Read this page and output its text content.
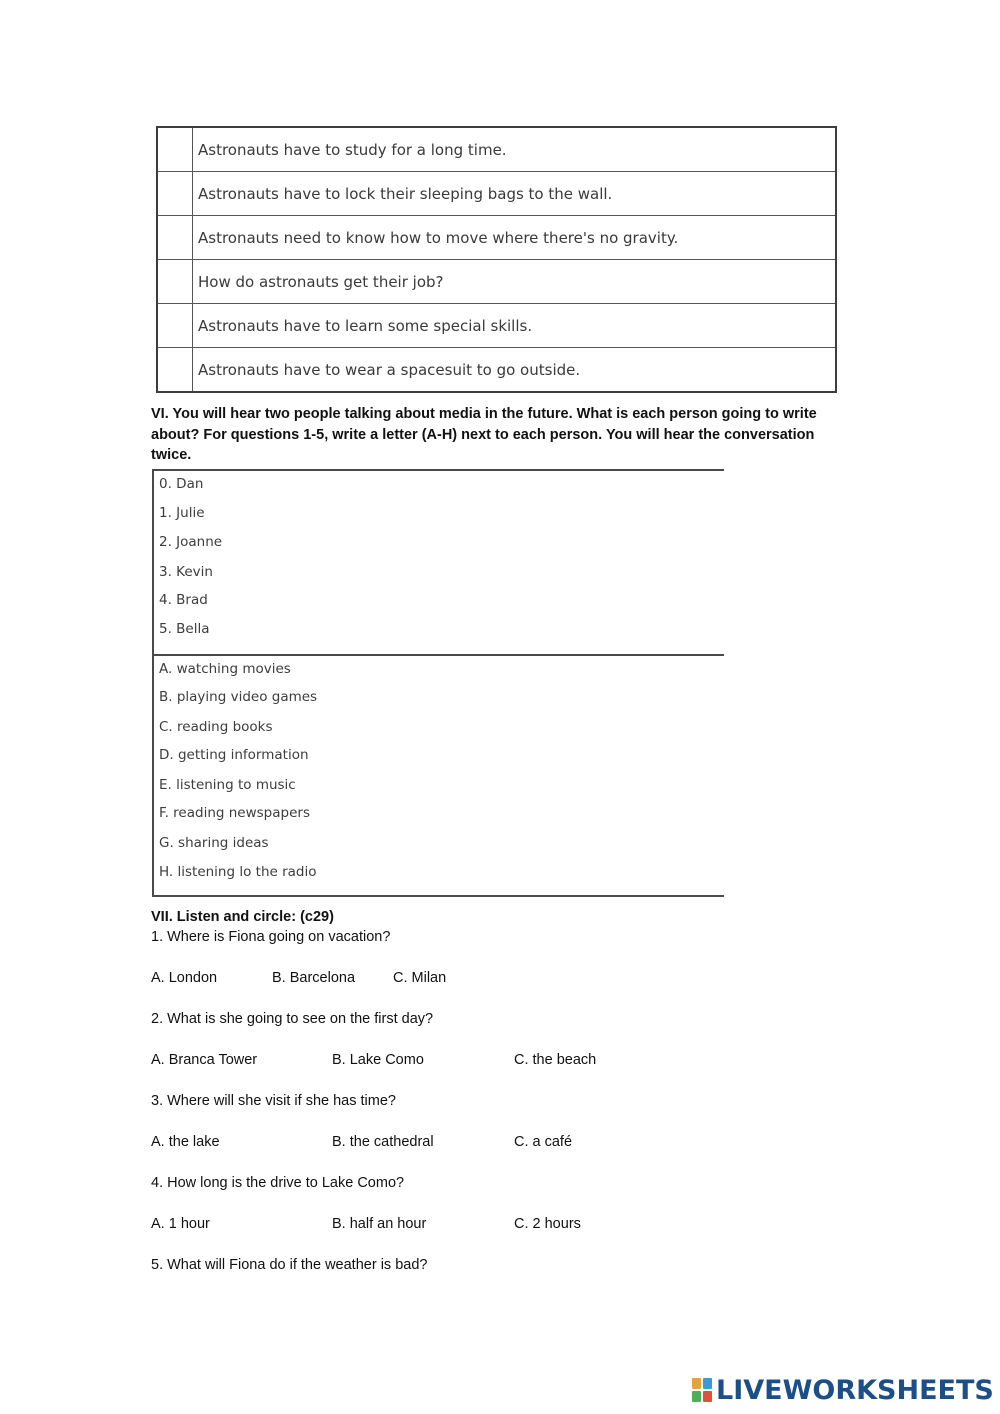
	Astronauts have to study for a long time.
	Astronauts have to lock their sleeping bags to the wall.
	Astronauts need to know how to move where there's no gravity.
	How do astronauts get their job?
	Astronauts have to learn some special skills.
	Astronauts have to wear a spacesuit to go outside.
VI. You will hear two people talking about media in the future. What is each person going to write about? For questions 1-5, write a letter (A-H) next to each person. You will hear the conversation twice.
0. Dan
1. Julie
2. Joanne
3. Kevin
4. Brad
5. Bella
A. watching movies
B. playing video games
C. reading books
D. getting information
E. listening to music
F. reading newspapers
G. sharing ideas
H. listening lo the radio
VII. Listen and circle: (c29)
1. Where is Fiona going on vacation?
A. London	B. Barcelona	C. Milan
2. What is she going to see on the first day?
A. Branca Tower	B. Lake Como	C. the beach
3. Where will she visit if she has time?
A. the lake	B. the cathedral	C. a café
4. How long is the drive to Lake Como?
A. 1 hour	B. half an hour	C. 2 hours
5. What will Fiona do if the weather is bad?
LIVEWORKSHEETS
